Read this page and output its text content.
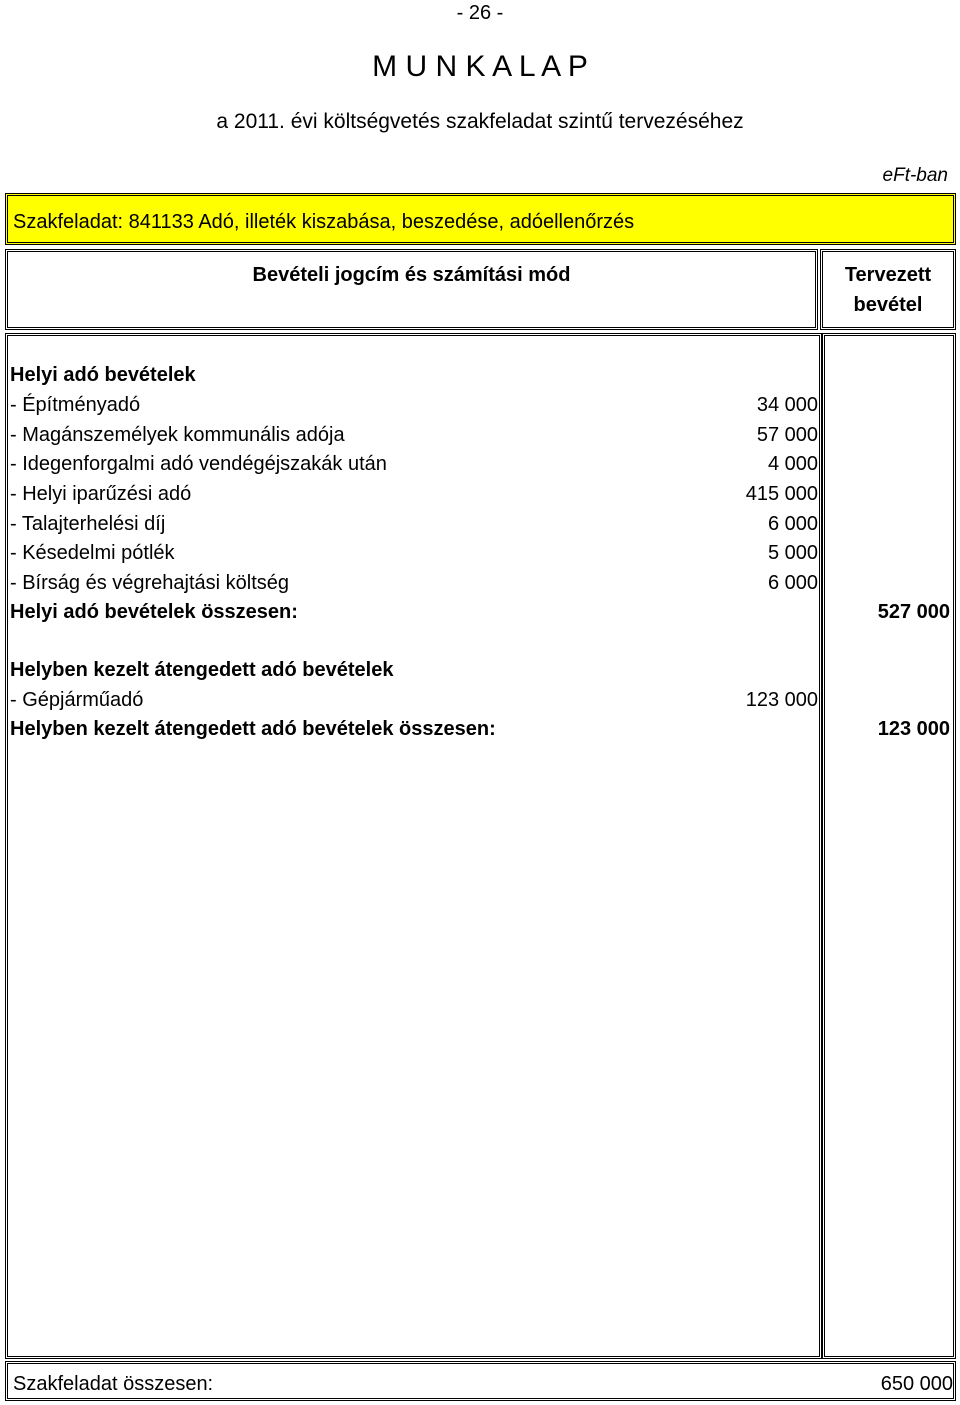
- 26 -
M U N K A L A P
a 2011. évi költségvetés szakfeladat szintű tervezéséhez
eFt-ban
Szakfeladat: 841133 Adó, illeték kiszabása, beszedése, adóellenőrzés
Bevételi jogcím és számítási mód	Tervezett
bevétel
Helyi adó bevételek
- Építményadó	34 000
- Magánszemélyek kommunális adója	57 000
- Idegenforgalmi adó vendégéjszakák után	4 000
- Helyi iparűzési adó	415 000
- Talajterhelési díj	6 000
- Késedelmi pótlék	5 000
- Bírság és végrehajtási költség	6 000
Helyi adó bevételek összesen:	527 000
Helyben kezelt átengedett adó bevételek
- Gépjárműadó	123 000
Helyben kezelt átengedett adó bevételek összesen:	123 000
Szakfeladat összesen:	650 000
